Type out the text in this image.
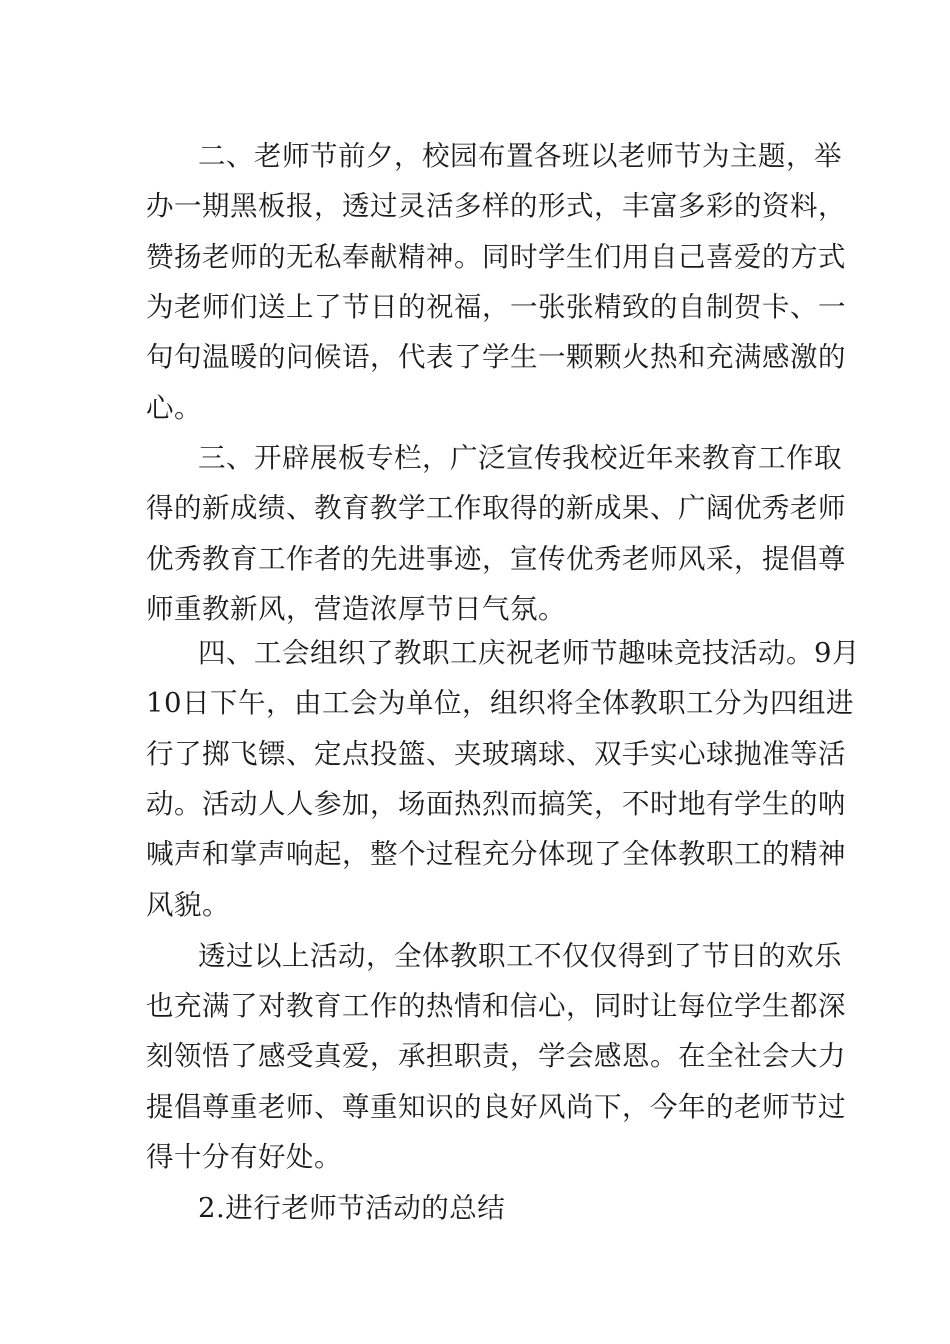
二、老师节前夕，校园布置各班以老师节为主题，举
办一期黑板报，透过灵活多样的形式，丰富多彩的资料，
赞扬老师的无私奉献精神。同时学生们用自己喜爱的方式
为老师们送上了节日的祝福，一张张精致的自制贺卡、一
句句温暖的问候语，代表了学生一颗颗火热和充满感激的
心。
三、开辟展板专栏，广泛宣传我校近年来教育工作取
得的新成绩、教育教学工作取得的新成果、广阔优秀老师
优秀教育工作者的先进事迹，宣传优秀老师风采，提倡尊
师重教新风，营造浓厚节日气氛。
四、工会组织了教职工庆祝老师节趣味竞技活动。9月
10日下午，由工会为单位，组织将全体教职工分为四组进
行了掷飞镖、定点投篮、夹玻璃球、双手实心球抛准等活
动。活动人人参加，场面热烈而搞笑，不时地有学生的呐
喊声和掌声响起，整个过程充分体现了全体教职工的精神
风貌。
透过以上活动，全体教职工不仅仅得到了节日的欢乐
也充满了对教育工作的热情和信心，同时让每位学生都深
刻领悟了感受真爱，承担职责，学会感恩。在全社会大力
提倡尊重老师、尊重知识的良好风尚下，今年的老师节过
得十分有好处。
2.进行老师节活动的总结
